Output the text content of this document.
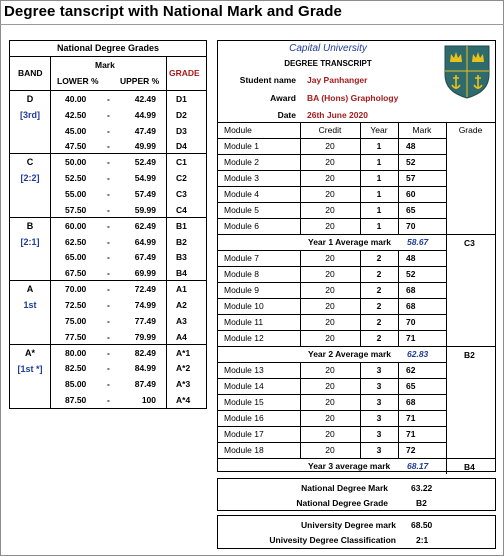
Degree tanscript with National Mark and Grade
National Degree Grades
BAND
Mark
LOWER %	UPPER %
GRADE
D
[3rd]
40.00 -	42.49 D1
42.50 -	44.99 D2
45.00 -	47.49 D3
47.50 -	49.99 D4
C
[2:2]
50.00 -	52.49 C1
52.50 -	54.99 C2
55.00 -	57.49 C3
57.50 -	59.99 C4
B
[2:1]
60.00 -	62.49 B1
62.50 -	64.99 B2
65.00 -	67.49 B3
67.50 -	69.99 B4
A
1st
70.00 -	72.49 A1
72.50 -	74.99 A2
75.00 -	77.49 A3
77.50 -	79.99 A4
A*
[1st *]
80.00 -	82.49 A*1
82.50 -	84.99 A*2
85.00 -	87.49 A*3
87.50 -	100 A*4
Capital University
DEGREE TRANSCRIPT
Student name Jay Panhanger
Award BA (Hons) Graphology
Date 26th June 2020
Module	Credit	Year	Mark	Grade
Module 1	20	1	48
Module 2	20	1	52
Module 3	20	1	57
Module 4	20	1	60
Module 5	20	1	65
Module 6	20	1	70
Year 1 Average mark 58.67	C3
Module 7	20	2	48
Module 8	20	2	52
Module 9	20	2	68
Module 10	20	2	68
Module 11	20	2	70
Module 12	20	2	71
Year 2 Average mark 62.83	B2
Module 13	20	3	62
Module 14	20	3	65
Module 15	20	3	68
Module 16	20	3	71
Module 17	20	3	71
Module 18	20	3	72
Year 3 average mark 68.17	B4
National Degree Mark	63.22
National Degree Grade	B2
University Degree mark 68.50
Univesity Degree Classification 2:1
